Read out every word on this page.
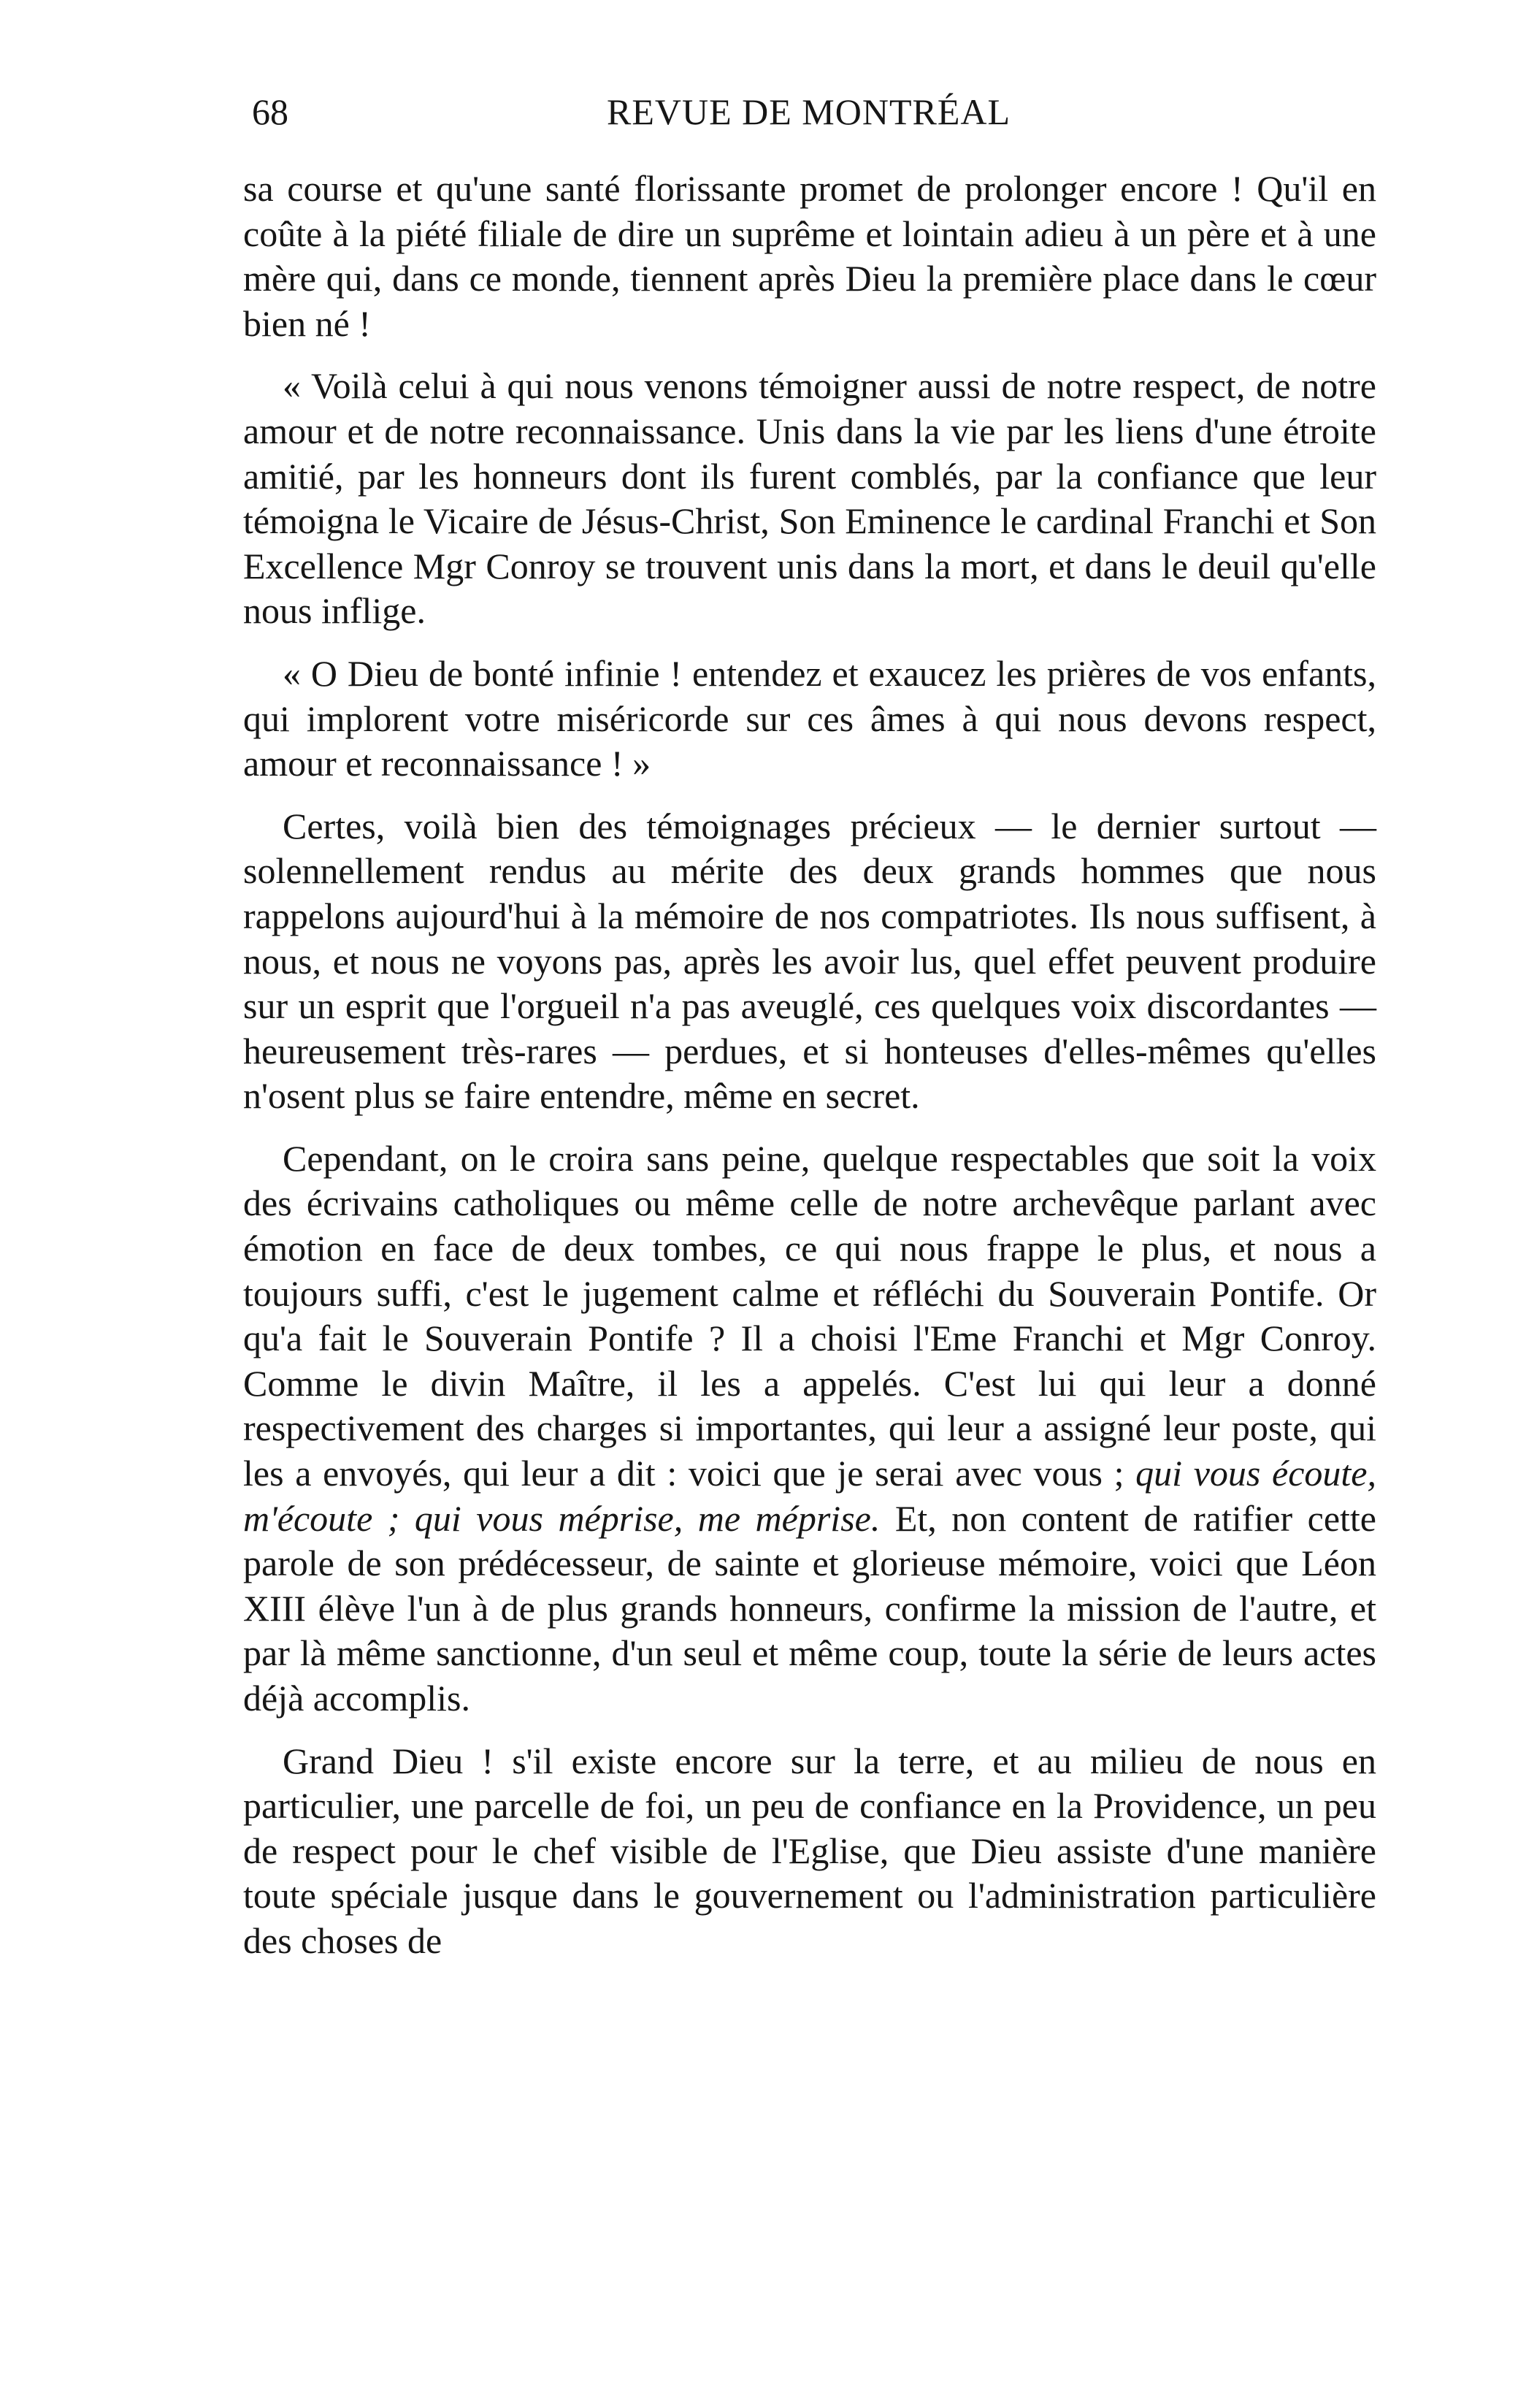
68	REVUE DE MONTRÉAL

sa course et qu'une santé florissante promet de prolonger encore ! Qu'il en coûte à la piété filiale de dire un suprême et lointain adieu à un père et à une mère qui, dans ce monde, tiennent après Dieu la première place dans le cœur bien né !

« Voilà celui à qui nous venons témoigner aussi de notre respect, de notre amour et de notre reconnaissance. Unis dans la vie par les liens d'une étroite amitié, par les honneurs dont ils furent comblés, par la confiance que leur témoigna le Vicaire de Jésus-Christ, Son Eminence le cardinal Franchi et Son Excellence Mgr Conroy se trouvent unis dans la mort, et dans le deuil qu'elle nous inflige.

« O Dieu de bonté infinie ! entendez et exaucez les prières de vos enfants, qui implorent votre miséricorde sur ces âmes à qui nous devons respect, amour et reconnaissance ! »

Certes, voilà bien des témoignages précieux — le dernier surtout — solennellement rendus au mérite des deux grands hommes que nous rappelons aujourd'hui à la mémoire de nos compatriotes. Ils nous suffisent, à nous, et nous ne voyons pas, après les avoir lus, quel effet peuvent produire sur un esprit que l'orgueil n'a pas aveuglé, ces quelques voix discordantes — heureusement très-rares — perdues, et si honteuses d'elles-mêmes qu'elles n'osent plus se faire entendre, même en secret.

Cependant, on le croira sans peine, quelque respectables que soit la voix des écrivains catholiques ou même celle de notre archevêque parlant avec émotion en face de deux tombes, ce qui nous frappe le plus, et nous a toujours suffi, c'est le jugement calme et réfléchi du Souverain Pontife. Or qu'a fait le Souverain Pontife ? Il a choisi l'Eme Franchi et Mgr Conroy. Comme le divin Maître, il les a appelés. C'est lui qui leur a donné respectivement des charges si importantes, qui leur a assigné leur poste, qui les a envoyés, qui leur a dit : voici que je serai avec vous ; qui vous écoute, m'écoute ; qui vous méprise, me méprise. Et, non content de ratifier cette parole de son prédécesseur, de sainte et glorieuse mémoire, voici que Léon XIII élève l'un à de plus grands honneurs, confirme la mission de l'autre, et par là même sanctionne, d'un seul et même coup, toute la série de leurs actes déjà accomplis.

Grand Dieu ! s'il existe encore sur la terre, et au milieu de nous en particulier, une parcelle de foi, un peu de confiance en la Providence, un peu de respect pour le chef visible de l'Eglise, que Dieu assiste d'une manière toute spéciale jusque dans le gouvernement ou l'administration particulière des choses de
